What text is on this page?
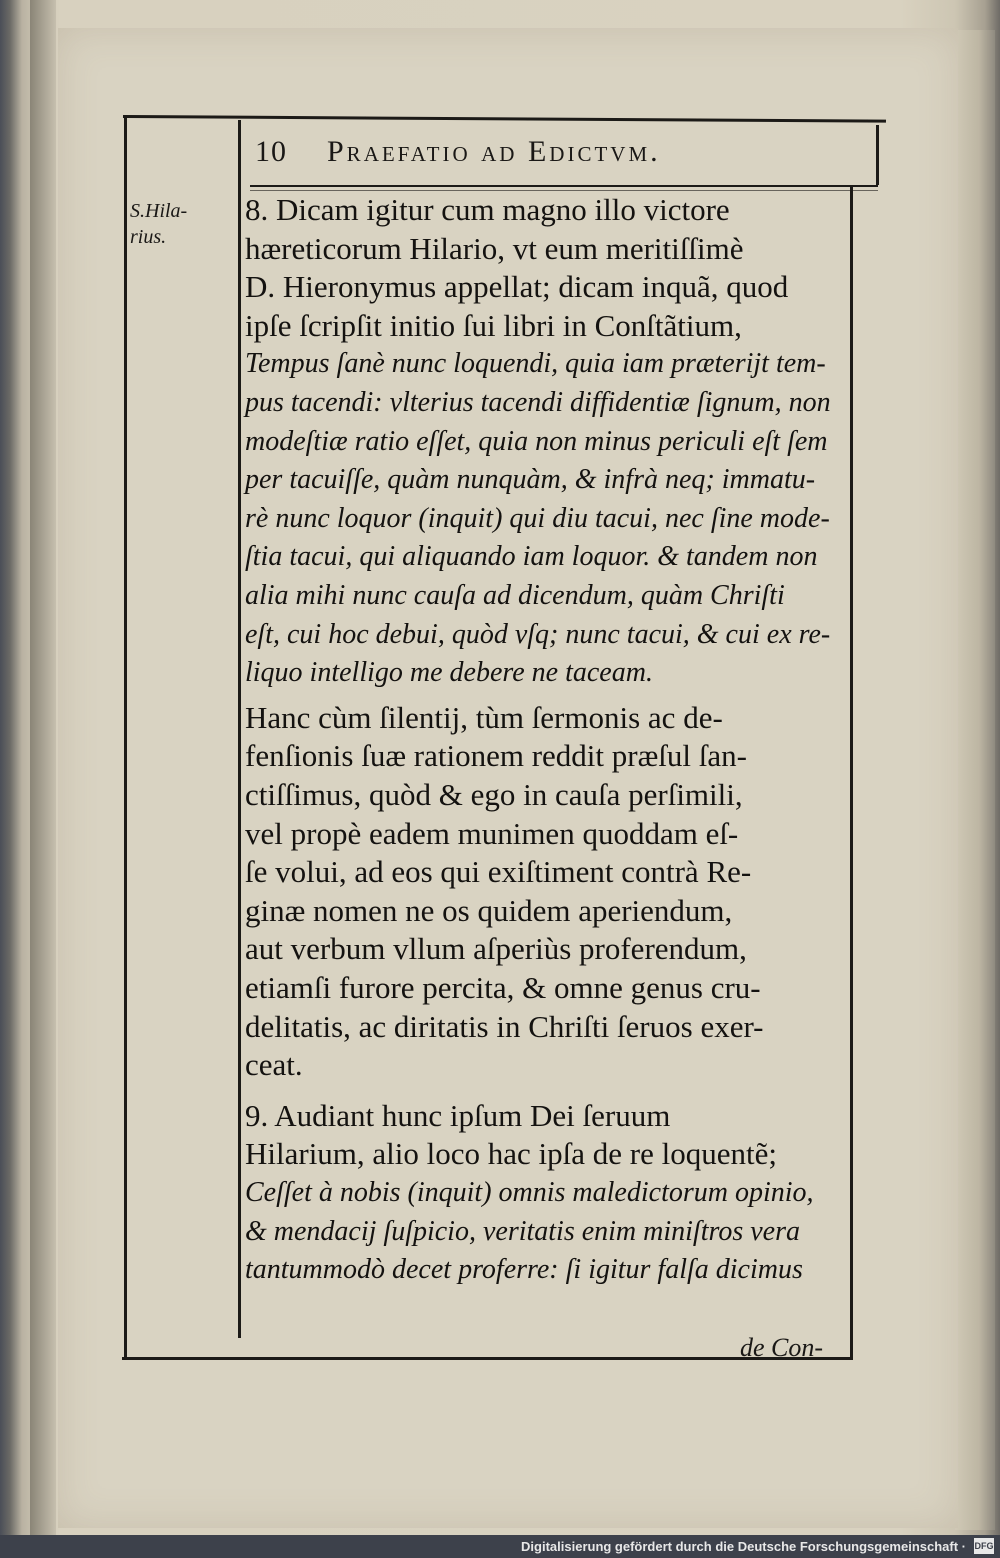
10 Praefatio ad Edictvm.
S.Hila-
rius.
8. Dicam igitur cum magno illo victore
hæreticorum Hilario, vt eum meritiſſimè
D. Hieronymus appellat; dicam inquã, quod
ipſe ſcripſit initio ſui libri in Conſtãtium,
Tempus ſanè nunc loquendi, quia iam præterijt tem-
pus tacendi: vlterius tacendi diffidentiæ ſignum, non
modeſtiæ ratio eſſet, quia non minus periculi eſt ſem
per tacuiſſe, quàm nunquàm, & infrà neq; immatu-
rè nunc loquor (inquit) qui diu tacui, nec ſine mode-
ſtia tacui, qui aliquando iam loquor. & tandem non
alia mihi nunc cauſa ad dicendum, quàm Chriſti
eſt, cui hoc debui, quòd vſq; nunc tacui, & cui ex re-
liquo intelligo me debere ne taceam.
Hanc cùm ſilentij, tùm ſermonis ac de-
fenſionis ſuæ rationem reddit præſul ſan-
ctiſſimus, quòd & ego in cauſa perſimili,
vel propè eadem munimen quoddam eſ-
ſe volui, ad eos qui exiſtiment contrà Re-
ginæ nomen ne os quidem aperiendum,
aut verbum vllum aſperiùs proferendum,
etiamſi furore percita, & omne genus cru-
delitatis, ac diritatis in Chriſti ſeruos exer-
ceat.
9. Audiant hunc ipſum Dei ſeruum
Hilarium, alio loco hac ipſa de re loquentẽ;
Ceſſet à nobis (inquit) omnis maledictorum opinio,
& mendacij ſuſpicio, veritatis enim miniſtros vera
tantummodò decet proferre: ſi igitur falſa dicimus
de Con-
Digitalisierung gefördert durch die Deutsche Forschungsgemeinschaft · DFG
